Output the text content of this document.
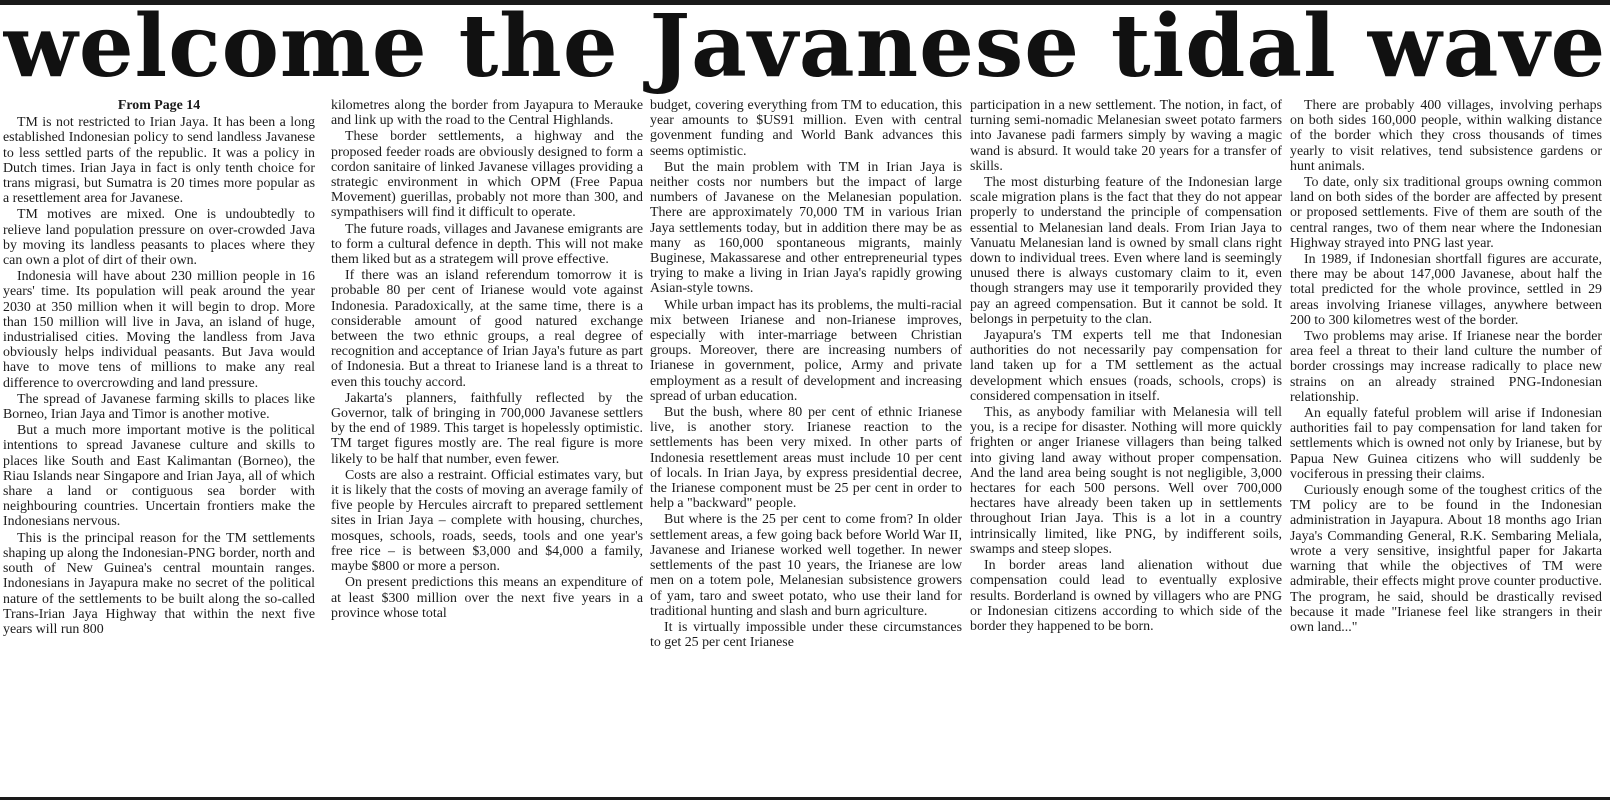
welcome the Javanese tidal wave

From Page 14

TM is not restricted to Irian Jaya. It has been a long established Indonesian policy to send landless Javanese to less settled parts of the republic. It was a policy in Dutch times. Irian Jaya in fact is only tenth choice for trans migrasi, but Sumatra is 20 times more popular as a resettlement area for Javanese.

TM motives are mixed. One is undoubtedly to relieve land population pressure on over-crowded Java by moving its landless peasants to places where they can own a plot of dirt of their own.

Indonesia will have about 230 million people in 16 years' time. Its population will peak around the year 2030 at 350 million when it will begin to drop. More than 150 million will live in Java, an island of huge, industrialised cities. Moving the landless from Java obviously helps individual peasants. But Java would have to move tens of millions to make any real difference to overcrowding and land pressure.

The spread of Javanese farming skills to places like Borneo, Irian Jaya and Timor is another motive.

But a much more important motive is the political intentions to spread Javanese culture and skills to places like South and East Kalimantan (Borneo), the Riau Islands near Singapore and Irian Jaya, all of which share a land or contiguous sea border with neighbouring countries. Uncertain frontiers make the Indonesians nervous.

This is the principal reason for the TM settlements shaping up along the Indonesian-PNG border, north and south of New Guinea's central mountain ranges. Indonesians in Jayapura make no secret of the political nature of the settlements to be built along the so-called Trans-Irian Jaya Highway that within the next five years will run 800

kilometres along the border from Jayapura to Merauke and link up with the road to the Central Highlands.

These border settlements, a highway and the proposed feeder roads are obviously designed to form a cordon sanitaire of linked Javanese villages providing a strategic environment in which OPM (Free Papua Movement) guerillas, probably not more than 300, and sympathisers will find it difficult to operate.

The future roads, villages and Javanese emigrants are to form a cultural defence in depth. This will not make them liked but as a strategem will prove effective.

If there was an island referendum tomorrow it is probable 80 per cent of Irianese would vote against Indonesia. Paradoxically, at the same time, there is a considerable amount of good natured exchange between the two ethnic groups, a real degree of recognition and acceptance of Irian Jaya's future as part of Indonesia. But a threat to Irianese land is a threat to even this touchy accord.

Jakarta's planners, faithfully reflected by the Governor, talk of bringing in 700,000 Javanese settlers by the end of 1989. This target is hopelessly optimistic. TM target figures mostly are. The real figure is more likely to be half that number, even fewer.

Costs are also a restraint. Official estimates vary, but it is likely that the costs of moving an average family of five people by Hercules aircraft to prepared settlement sites in Irian Jaya – complete with housing, churches, mosques, schools, roads, seeds, tools and one year's free rice – is between $3,000 and $4,000 a family, maybe $800 or more a person.

On present predictions this means an expenditure of at least $300 million over the next five years in a province whose total

budget, covering everything from TM to education, this year amounts to $US91 million. Even with central govenment funding and World Bank advances this seems optimistic.

But the main problem with TM in Irian Jaya is neither costs nor numbers but the impact of large numbers of Javanese on the Melanesian population. There are approximately 70,000 TM in various Irian Jaya settlements today, but in addition there may be as many as 160,000 spontaneous migrants, mainly Buginese, Makassarese and other entrepreneurial types trying to make a living in Irian Jaya's rapidly growing Asian-style towns.

While urban impact has its problems, the multi-racial mix between Irianese and non-Irianese improves, especially with inter-marriage between Christian groups. Moreover, there are increasing numbers of Irianese in government, police, Army and private employment as a result of development and increasing spread of urban education.

But the bush, where 80 per cent of ethnic Irianese live, is another story. Irianese reaction to the settlements has been very mixed. In other parts of Indonesia resettlement areas must include 10 per cent of locals. In Irian Jaya, by express presidential decree, the Irianese component must be 25 per cent in order to help a "backward" people.

But where is the 25 per cent to come from? In older settlement areas, a few going back before World War II, Javanese and Irianese worked well together. In newer settlements of the past 10 years, the Irianese are low men on a totem pole, Melanesian subsistence growers of yam, taro and sweet potato, who use their land for traditional hunting and slash and burn agriculture.

It is virtually impossible under these circumstances to get 25 per cent Irianese

participation in a new settlement. The notion, in fact, of turning semi-nomadic Melanesian sweet potato farmers into Javanese padi farmers simply by waving a magic wand is absurd. It would take 20 years for a transfer of skills.

The most disturbing feature of the Indonesian large scale migration plans is the fact that they do not appear properly to understand the principle of compensation essential to Melanesian land deals. From Irian Jaya to Vanuatu Melanesian land is owned by small clans right down to individual trees. Even where land is seemingly unused there is always customary claim to it, even though strangers may use it temporarily provided they pay an agreed compensation. But it cannot be sold. It belongs in perpetuity to the clan.

Jayapura's TM experts tell me that Indonesian authorities do not necessarily pay compensation for land taken up for a TM settlement as the actual development which ensues (roads, schools, crops) is considered compensation in itself.

This, as anybody familiar with Melanesia will tell you, is a recipe for disaster. Nothing will more quickly frighten or anger Irianese villagers than being talked into giving land away without proper compensation. And the land area being sought is not negligible, 3,000 hectares for each 500 persons. Well over 700,000 hectares have already been taken up in settlements throughout Irian Jaya. This is a lot in a country intrinsically limited, like PNG, by indifferent soils, swamps and steep slopes.

In border areas land alienation without due compensation could lead to eventually explosive results. Borderland is owned by villagers who are PNG or Indonesian citizens according to which side of the border they happened to be born.

There are probably 400 villages, involving perhaps on both sides 160,000 people, within walking distance of the border which they cross thousands of times yearly to visit relatives, tend subsistence gardens or hunt animals.

To date, only six traditional groups owning common land on both sides of the border are affected by present or proposed settlements. Five of them are south of the central ranges, two of them near where the Indonesian Highway strayed into PNG last year.

In 1989, if Indonesian shortfall figures are accurate, there may be about 147,000 Javanese, about half the total predicted for the whole province, settled in 29 areas involving Irianese villages, anywhere between 200 to 300 kilometres west of the border.

Two problems may arise. If Irianese near the border area feel a threat to their land culture the number of border crossings may increase radically to place new strains on an already strained PNG-Indonesian relationship.

An equally fateful problem will arise if Indonesian authorities fail to pay compensation for land taken for settlements which is owned not only by Irianese, but by Papua New Guinea citizens who will suddenly be vociferous in pressing their claims.

Curiously enough some of the toughest critics of the TM policy are to be found in the Indonesian administration in Jayapura. About 18 months ago Irian Jaya's Commanding General, R.K. Sembaring Meliala, wrote a very sensitive, insightful paper for Jakarta warning that while the objectives of TM were admirable, their effects might prove counter productive. The program, he said, should be drastically revised because it made "Irianese feel like strangers in their own land..."
